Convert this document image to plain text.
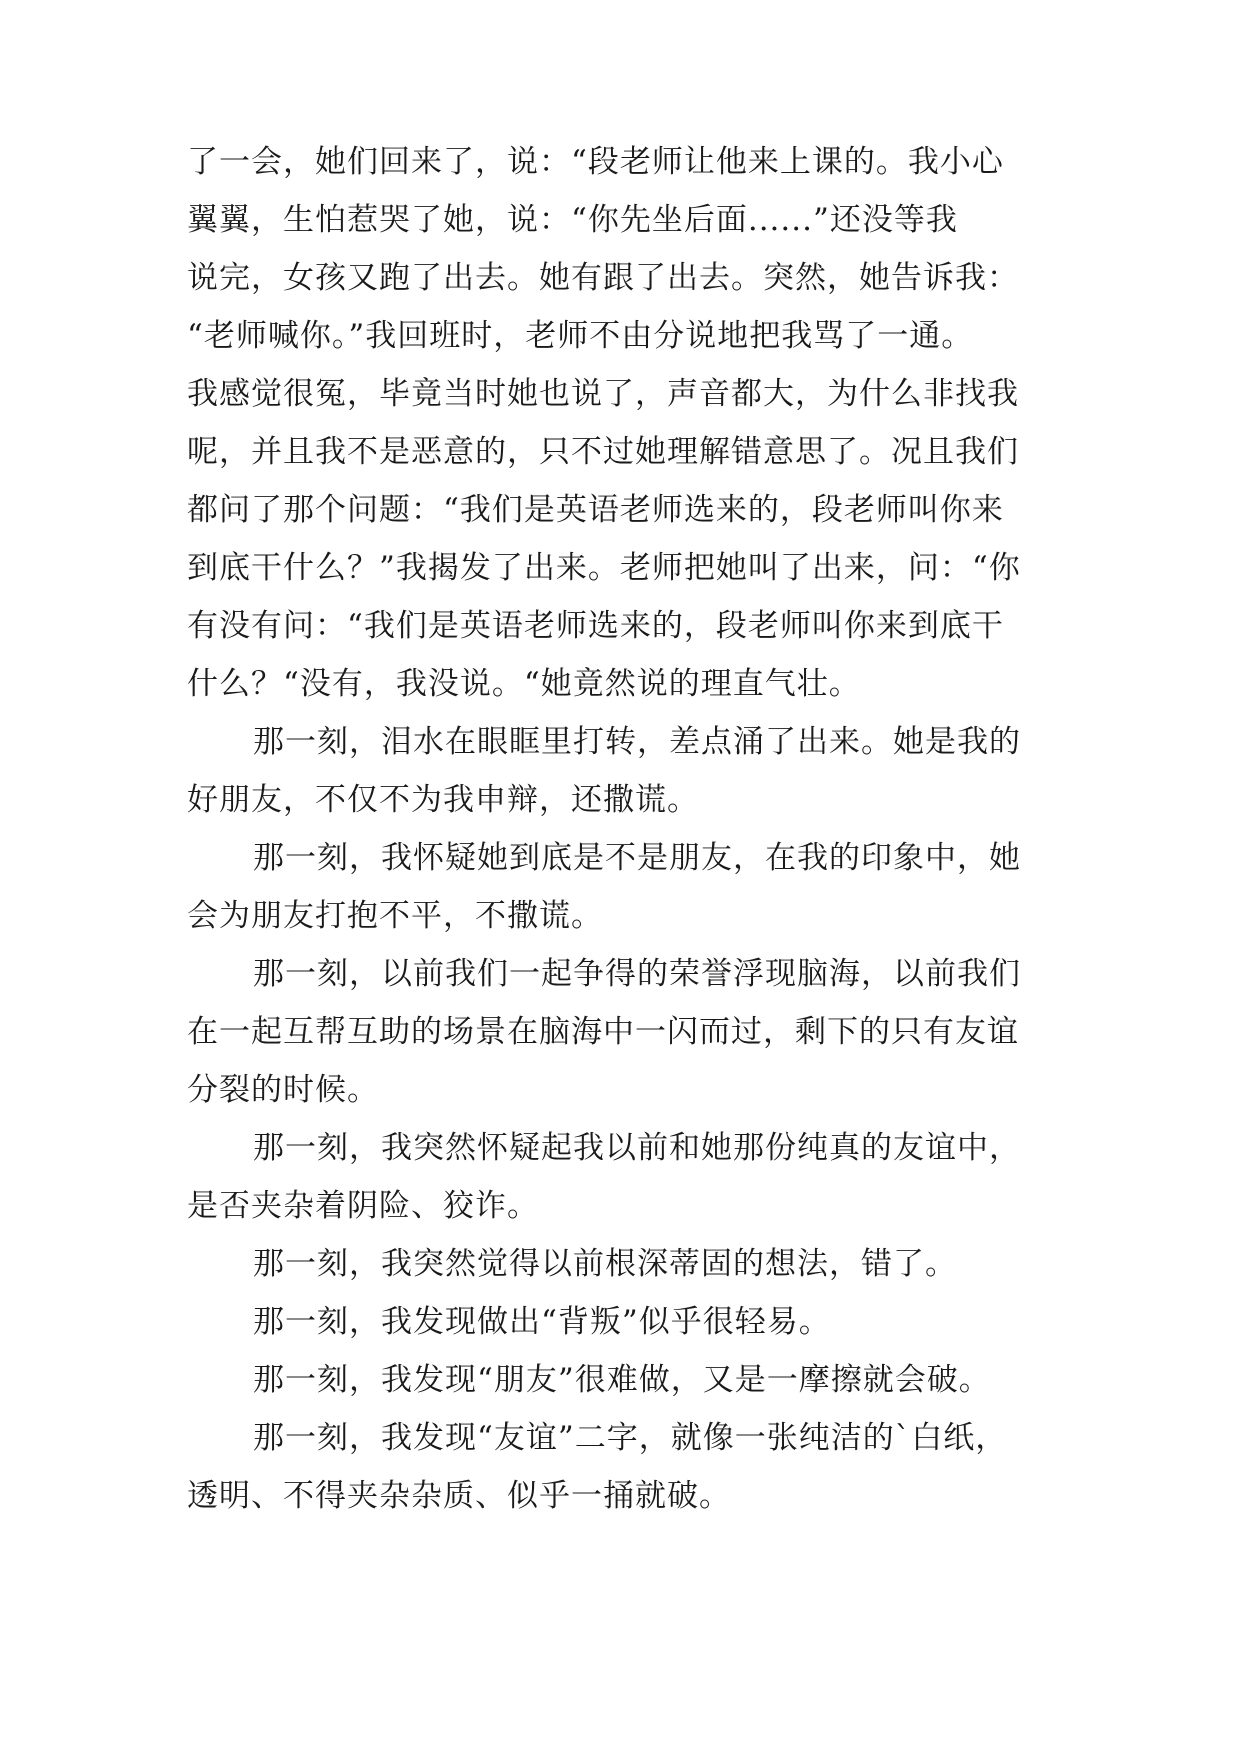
了一会，她们回来了，说：“段老师让他来上课的。我小心
翼翼，生怕惹哭了她，说：“你先坐后面......”还没等我
说完，女孩又跑了出去。她有跟了出去。突然，她告诉我：
“老师喊你。”我回班时，老师不由分说地把我骂了一通。
我感觉很冤，毕竟当时她也说了，声音都大，为什么非找我
呢，并且我不是恶意的，只不过她理解错意思了。况且我们
都问了那个问题：“我们是英语老师选来的，段老师叫你来
到底干什么？”我揭发了出来。老师把她叫了出来，问：“你
有没有问：“我们是英语老师选来的，段老师叫你来到底干
什么？“没有，我没说。“她竟然说的理直气壮。
那一刻，泪水在眼眶里打转，差点涌了出来。她是我的
好朋友，不仅不为我申辩，还撒谎。
那一刻，我怀疑她到底是不是朋友，在我的印象中，她
会为朋友打抱不平，不撒谎。
那一刻，以前我们一起争得的荣誉浮现脑海，以前我们
在一起互帮互助的场景在脑海中一闪而过，剩下的只有友谊
分裂的时候。
那一刻，我突然怀疑起我以前和她那份纯真的友谊中，
是否夹杂着阴险、狡诈。
那一刻，我突然觉得以前根深蒂固的想法，错了。
那一刻，我发现做出“背叛”似乎很轻易。
那一刻，我发现“朋友”很难做，又是一摩擦就会破。
那一刻，我发现“友谊”二字，就像一张纯洁的`白纸，
透明、不得夹杂杂质、似乎一捅就破。
